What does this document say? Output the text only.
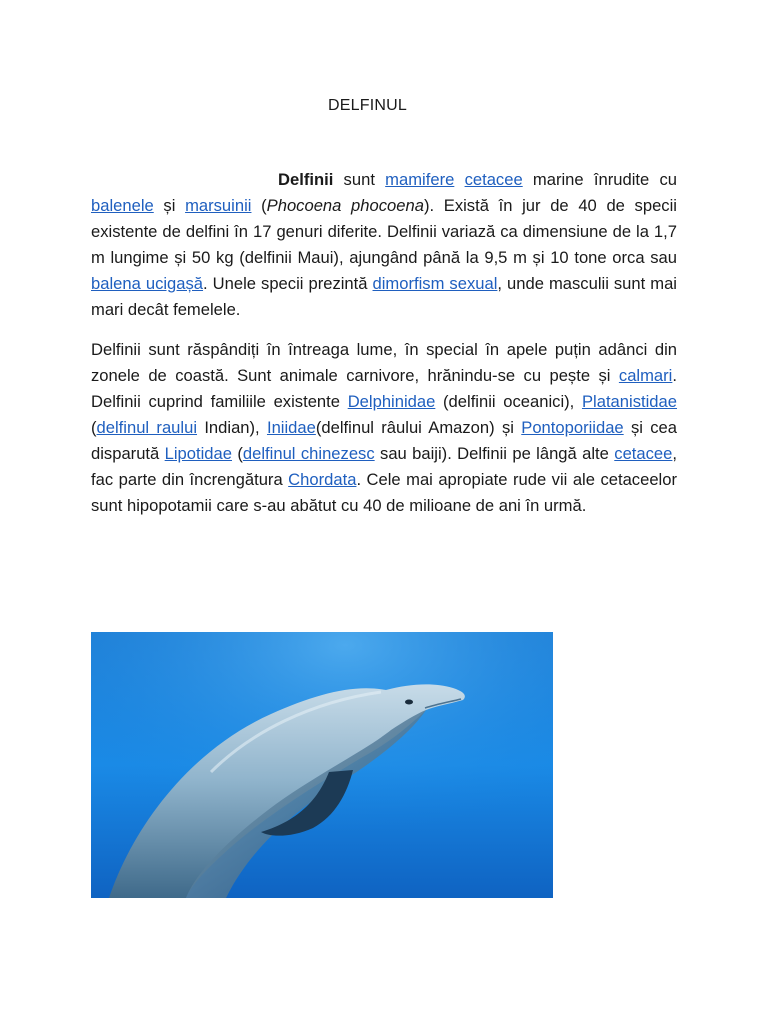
DELFINUL

Delfinii sunt mamifere cetacee marine înrudite cu balenele și marsuinii (Phocoena phocoena). Există în jur de 40 de specii existente de delfini în 17 genuri diferite. Delfinii variază ca dimensiune de la 1,7 m lungime și 50 kg (delfinii Maui), ajungând până la 9,5 m și 10 tone orca sau balena ucigașă. Unele specii prezintă dimorfism sexual, unde masculii sunt mai mari decât femelele.

Delfinii sunt răspândiți în întreaga lume, în special în apele puțin adânci din zonele de coastă. Sunt animale carnivore, hrănindu-se cu pește și calmari. Delfinii cuprind familiile existente Delphinidae (delfinii oceanici), Platanistidae (delfinul raului Indian), Iniidae(delfinul râului Amazon) și Pontoporiidae și cea disparută Lipotidae (delfinul chinezesc sau baiji). Delfinii pe lângă alte cetacee, fac parte din încrengătura Chordata. Cele mai apropiate rude vii ale cetaceelor sunt hipopotamii care s-au abătut cu 40 de milioane de ani în urmă.
